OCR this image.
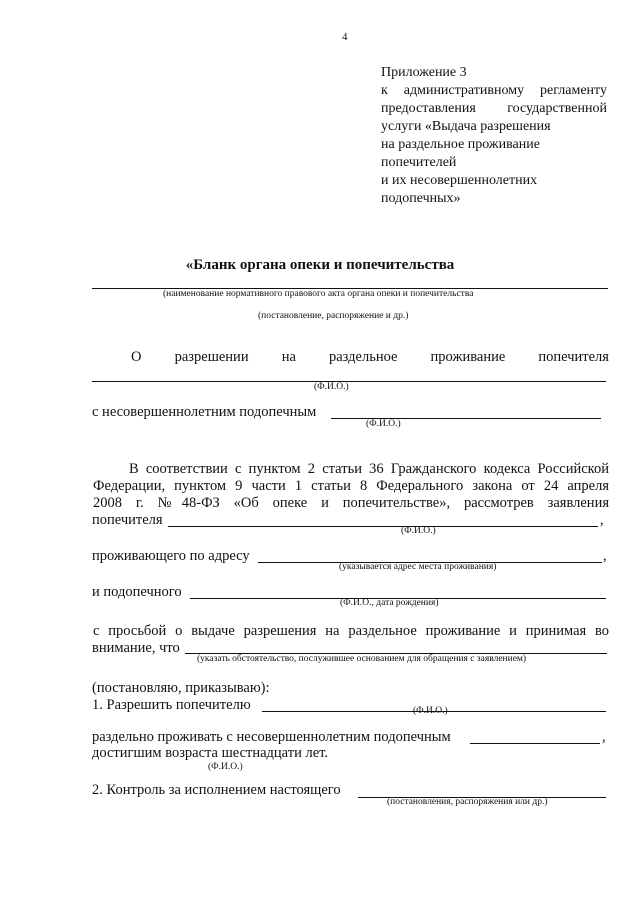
4
Приложение 3
к административному регламенту
предоставления государственной
услуги «Выдача разрешения
на раздельное проживание
попечителей
и их несовершеннолетних
подопечных»
«Бланк органа опеки и попечительства
(наименование нормативного правового акта органа опеки и попечительства
(постановление, распоряжение и др.)
О разрешении на раздельное проживание попечителя
(Ф.И.О.)
с несовершеннолетним подопечным
(Ф.И.О.)
В соответствии с пунктом 2 статьи 36 Гражданского кодекса Российской
Федерации, пунктом 9 части 1 статьи 8 Федерального закона от 24 апреля
2008 г. №48-ФЗ «Об опеке и попечительстве», рассмотрев заявления
попечителя	,
(Ф.И.О.)
проживающего по адресу	,
(указывается адрес места проживания)
и подопечного
(Ф.И.О., дата рождения)
с просьбой о выдаче разрешения на раздельное проживание и принимая во
внимание, что
(указать обстоятельство, послужившее основанием для обращения с заявлением)
(постановляю, приказываю):
1. Разрешить попечителю	(Ф.И.О.)
раздельно проживать с несовершеннолетним подопечным	,
достигшим возраста шестнадцати лет.
(Ф.И.О.)
2. Контроль за исполнением настоящего
(постановления, распоряжения или др.)
